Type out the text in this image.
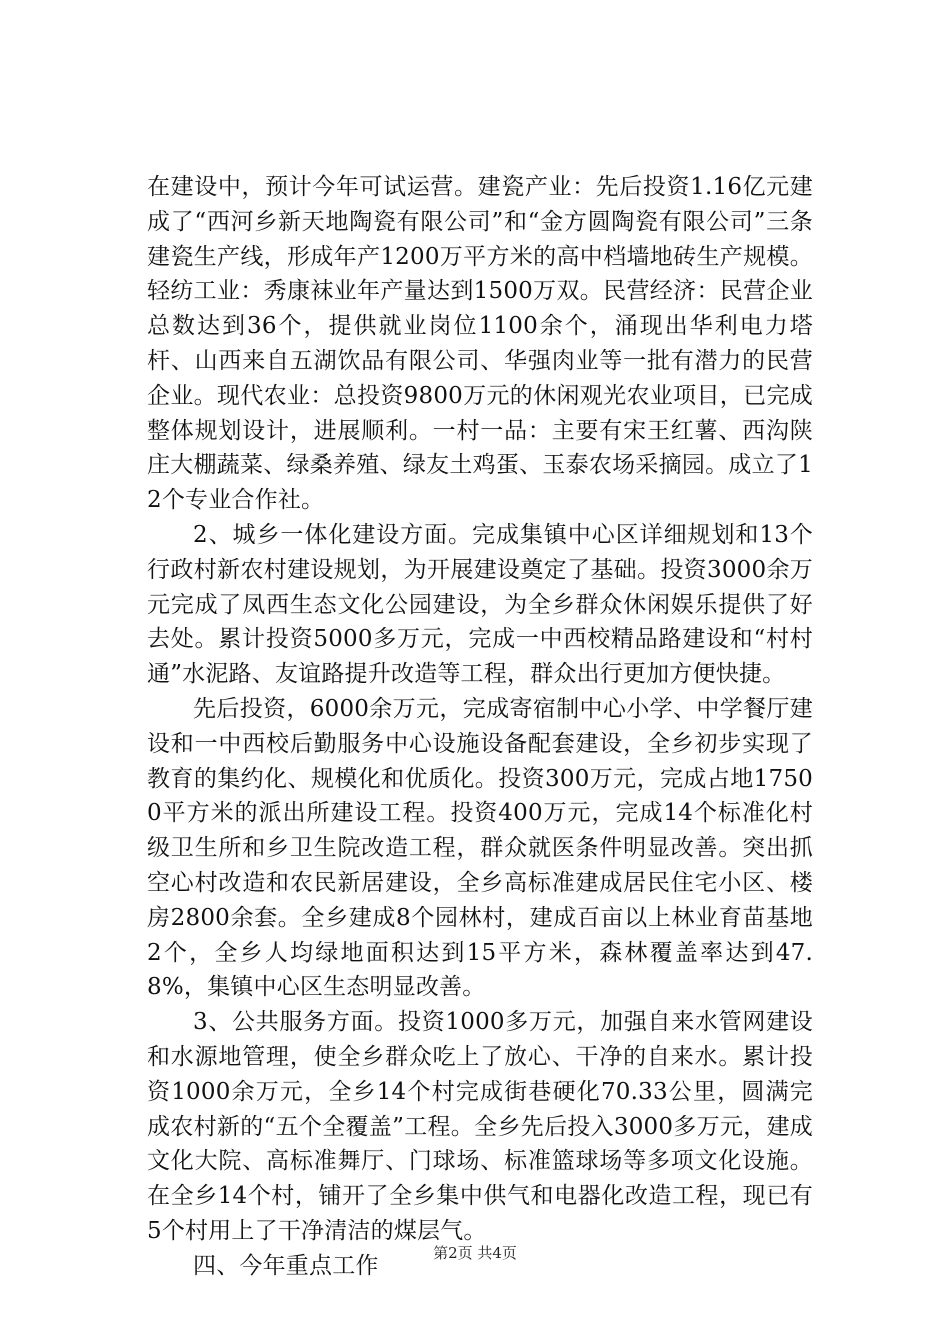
在建设中，预计今年可试运营。建瓷产业：先后投资1.16亿元建成了“西河乡新天地陶瓷有限公司”和“金方圆陶瓷有限公司”三条建瓷生产线，形成年产1200万平方米的高中档墙地砖生产规模。轻纺工业：秀康袜业年产量达到1500万双。民营经济：民营企业总数达到36个，提供就业岗位1100余个，涌现出华利电力塔杆、山西来自五湖饮品有限公司、华强肉业等一批有潜力的民营企业。现代农业：总投资9800万元的休闲观光农业项目，已完成整体规划设计，进展顺利。一村一品：主要有宋王红薯、西沟陕庄大棚蔬菜、绿桑养殖、绿友土鸡蛋、玉泰农场采摘园。成立了12个专业合作社。

2、城乡一体化建设方面。完成集镇中心区详细规划和13个行政村新农村建设规划，为开展建设奠定了基础。投资3000余万元完成了凤西生态文化公园建设，为全乡群众休闲娱乐提供了好去处。累计投资5000多万元，完成一中西校精品路建设和“村村通”水泥路、友谊路提升改造等工程，群众出行更加方便快捷。

先后投资，6000余万元，完成寄宿制中心小学、中学餐厅建设和一中西校后勤服务中心设施设备配套建设，全乡初步实现了教育的集约化、规模化和优质化。投资300万元，完成占地17500平方米的派出所建设工程。投资400万元，完成14个标准化村级卫生所和乡卫生院改造工程，群众就医条件明显改善。突出抓空心村改造和农民新居建设，全乡高标准建成居民住宅小区、楼房2800余套。全乡建成8个园林村，建成百亩以上林业育苗基地2个，全乡人均绿地面积达到15平方米，森林覆盖率达到47.8%，集镇中心区生态明显改善。

3、公共服务方面。投资1000多万元，加强自来水管网建设和水源地管理，使全乡群众吃上了放心、干净的自来水。累计投资1000余万元，全乡14个村完成街巷硬化70.33公里，圆满完成农村新的“五个全覆盖”工程。全乡先后投入3000多万元，建成文化大院、高标准舞厅、门球场、标准篮球场等多项文化设施。在全乡14个村，铺开了全乡集中供气和电器化改造工程，现已有5个村用上了干净清洁的煤层气。

四、今年重点工作	第2页 共4页
